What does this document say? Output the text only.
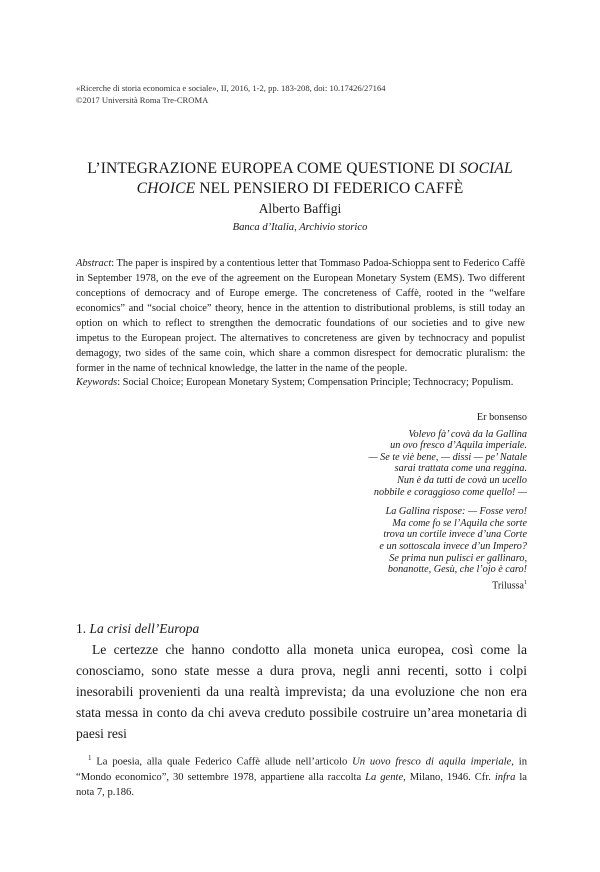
«Ricerche di storia economica e sociale», II, 2016, 1-2, pp. 183-208, doi: 10.17426/27164
©2017 Università Roma Tre-CROMA
L’INTEGRAZIONE EUROPEA COME QUESTIONE DI SOCIAL
CHOICE NEL PENSIERO DI FEDERICO CAFFÈ
Alberto Baffigi
Banca d’Italia, Archivio storico
Abstract: The paper is inspired by a contentious letter that Tommaso Padoa-Schioppa sent to Federico Caffè in September 1978, on the eve of the agreement on the European Monetary System (EMS). Two different conceptions of democracy and of Europe emerge. The concreteness of Caffè, rooted in the “welfare economics” and “social choice” theory, hence in the attention to distributional problems, is still today an option on which to reflect to strengthen the democratic foundations of our societies and to give new impetus to the European project. The alternatives to concreteness are given by technocracy and populist demagogy, two sides of the same coin, which share a common disrespect for democratic pluralism: the former in the name of technical knowledge, the latter in the name of the people.
Keywords: Social Choice; European Monetary System; Compensation Principle; Technocracy; Populism.
Er bonsenso
Volevo fà’ covà da la Gallina
un ovo fresco d’Aquila imperiale.
— Se te viè bene, — dissi — pe’ Natale
sarai trattata come una reggina.
Nun è da tutti de covà un ucello
nobbile e coraggioso come quello! —
La Gallina rispose: — Fosse vero!
Ma come fo se l’Aquila che sorte
trova un cortile invece d’una Corte
e un sottoscala invece d’un Impero?
Se prima nun pulisci er gallinaro,
bonanotte, Gesù, che l’ojo è caro!
Trilussa$^1$
1. La crisi dell’Europa

Le certezze che hanno condotto alla moneta unica europea, così come la conosciamo, sono state messe a dura prova, negli anni recenti, sotto i colpi inesorabili provenienti da una realtà imprevista; da una evoluzione che non era stata messa in conto da chi aveva creduto possibile costruire un’area monetaria di paesi resi

$^1$ La poesia, alla quale Federico Caffè allude nell’articolo Un uovo fresco di aquila imperiale, in “Mondo economico”, 30 settembre 1978, appartiene alla raccolta La gente, Milano, 1946. Cfr. infra la nota 7, p.186.
